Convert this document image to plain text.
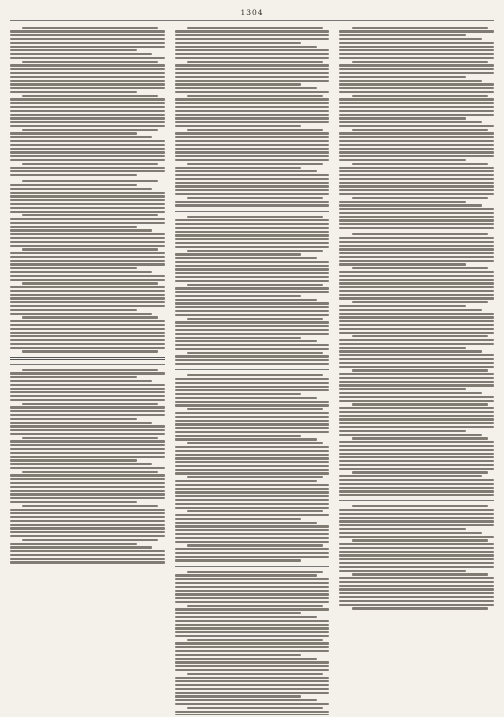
1304
